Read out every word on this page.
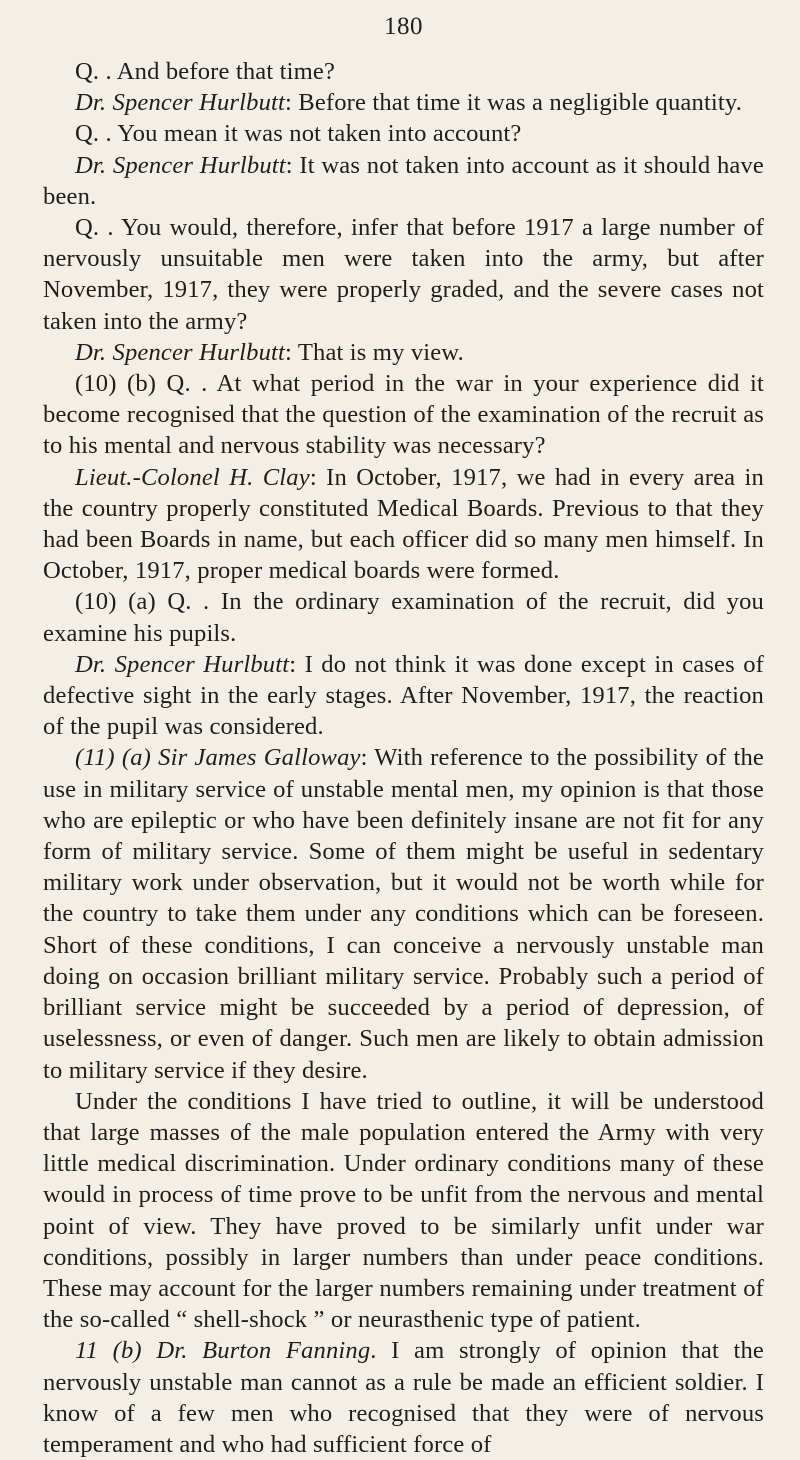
180

Q. . And before that time?

Dr. Spencer Hurlbutt: Before that time it was a negligible quantity.

Q. . You mean it was not taken into account?

Dr. Spencer Hurlbutt: It was not taken into account as it should have been.

Q. . You would, therefore, infer that before 1917 a large number of nervously unsuitable men were taken into the army, but after November, 1917, they were properly graded, and the severe cases not taken into the army?

Dr. Spencer Hurlbutt: That is my view.

(10) (b) Q. . At what period in the war in your experience did it become recognised that the question of the examination of the recruit as to his mental and nervous stability was necessary?

Lieut.-Colonel H. Clay: In October, 1917, we had in every area in the country properly constituted Medical Boards. Previous to that they had been Boards in name, but each officer did so many men himself. In October, 1917, proper medical boards were formed.

(10) (a) Q. . In the ordinary examination of the recruit, did you examine his pupils.

Dr. Spencer Hurlbutt: I do not think it was done except in cases of defective sight in the early stages. After November, 1917, the reaction of the pupil was considered.

(11) (a) Sir James Galloway: With reference to the possibility of the use in military service of unstable mental men, my opinion is that those who are epileptic or who have been definitely insane are not fit for any form of military service. Some of them might be useful in sedentary military work under observation, but it would not be worth while for the country to take them under any conditions which can be foreseen. Short of these conditions, I can conceive a nervously unstable man doing on occasion brilliant military service. Probably such a period of brilliant service might be succeeded by a period of depression, of uselessness, or even of danger. Such men are likely to obtain admission to military service if they desire.

Under the conditions I have tried to outline, it will be understood that large masses of the male population entered the Army with very little medical discrimination. Under ordinary conditions many of these would in process of time prove to be unfit from the nervous and mental point of view. They have proved to be similarly unfit under war conditions, possibly in larger numbers than under peace conditions. These may account for the larger numbers remaining under treatment of the so-called “ shell-shock ” or neurasthenic type of patient.

11 (b) Dr. Burton Fanning. I am strongly of opinion that the nervously unstable man cannot as a rule be made an efficient soldier. I know of a few men who recognised that they were of nervous temperament and who had sufficient force of
